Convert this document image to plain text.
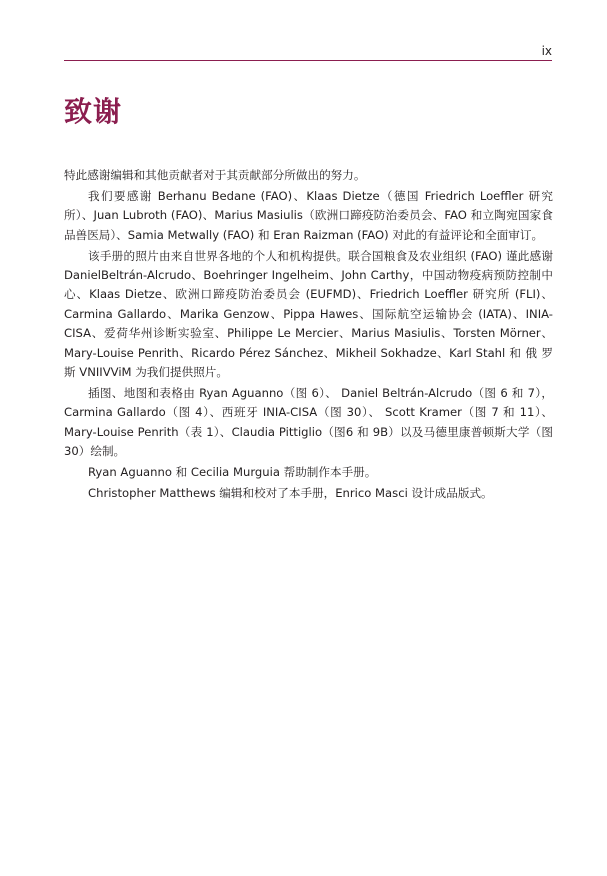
ix
致谢

特此感谢编辑和其他贡献者对于其贡献部分所做出的努力。

我们要感谢 Berhanu Bedane (FAO)、Klaas Dietze（德国 Friedrich Loeffler 研究所）、Juan Lubroth (FAO)、Marius Masiulis（欧洲口蹄疫防治委员会、FAO 和立陶宛国家食品兽医局）、Samia Metwally (FAO) 和 Eran Raizman (FAO) 对此的有益评论和全面审订。

该手册的照片由来自世界各地的个人和机构提供。联合国粮食及农业组织 (FAO) 谨此感谢 DanielBeltrán-Alcrudo、Boehringer Ingelheim、John Carthy，中国动物疫病预防控制中心、Klaas Dietze、欧洲口蹄疫防治委员会 (EUFMD)、Friedrich Loeffler 研究所 (FLI)、Carmina Gallardo、Marika Genzow、Pippa Hawes、国际航空运输协会 (IATA)、INIA-CISA、爱荷华州诊断实验室、Philippe Le Mercier、Marius Masiulis、Torsten Mörner、Mary-Louise Penrith、Ricardo Pérez Sánchez、Mikheil Sokhadze、Karl Stahl 和 俄 罗 斯 VNIIVViM 为我们提供照片。

插图、地图和表格由 Ryan Aguanno（图 6）、 Daniel Beltrán-Alcrudo（图 6 和 7），Carmina Gallardo（图 4）、西班牙 INIA-CISA（图 30）、 Scott Kramer（图 7 和 11）、 Mary-Louise Penrith（表 1）、Claudia Pittiglio（图6 和 9B）以及马德里康普顿斯大学（图30）绘制。

Ryan Aguanno 和 Cecilia Murguia 帮助制作本手册。

Christopher Matthews 编辑和校对了本手册，Enrico Masci 设计成品版式。
